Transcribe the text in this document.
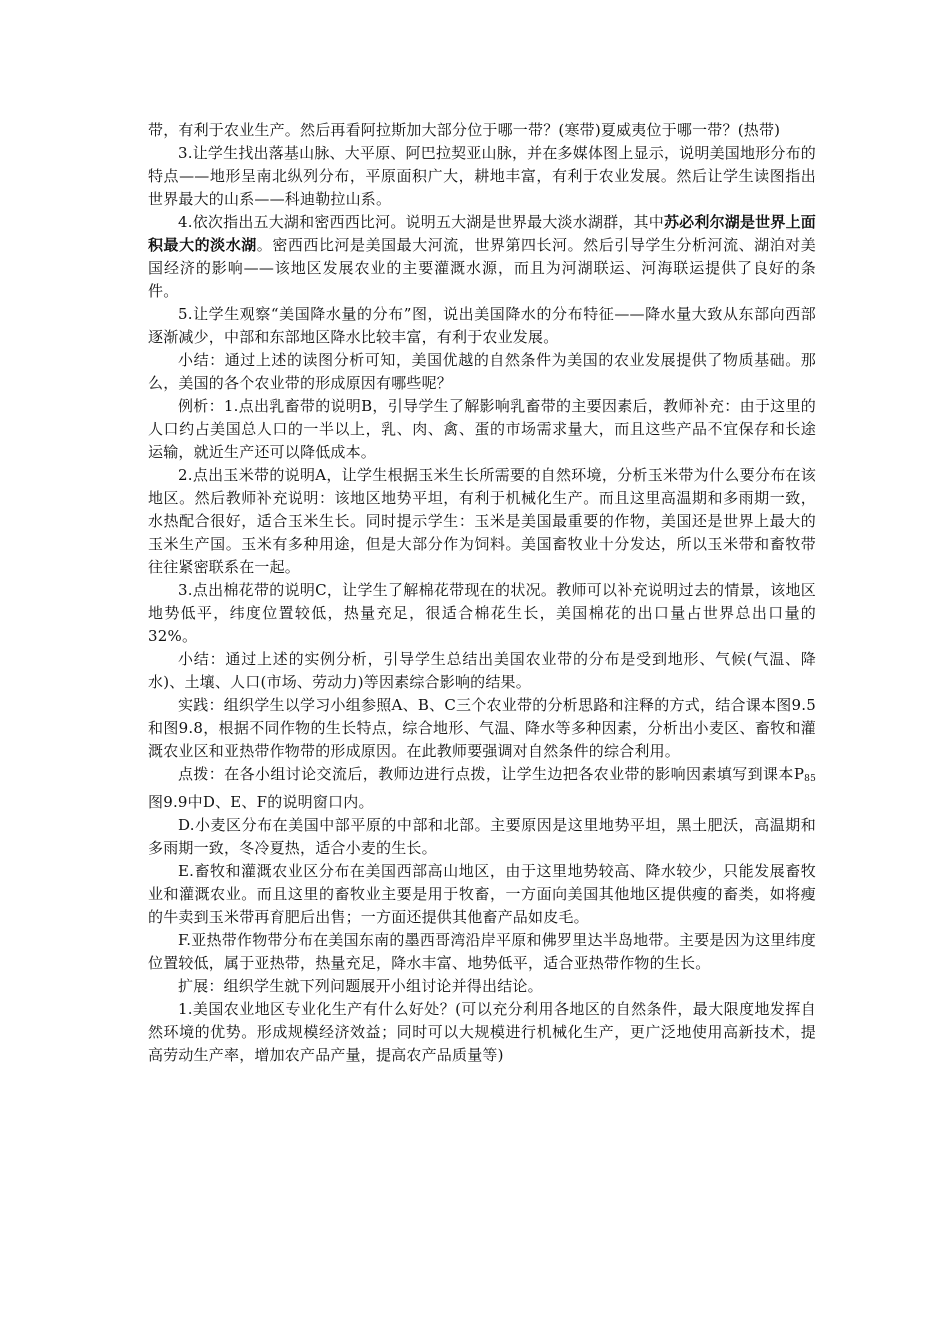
带，有利于农业生产。然后再看阿拉斯加大部分位于哪一带？(寒带)夏威夷位于哪一带？(热带)

3.让学生找出落基山脉、大平原、阿巴拉契亚山脉，并在多媒体图上显示，说明美国地形分布的特点——地形呈南北纵列分布，平原面积广大，耕地丰富，有利于农业发展。然后让学生读图指出世界最大的山系——科迪勒拉山系。

4.依次指出五大湖和密西西比河。说明五大湖是世界最大淡水湖群，其中苏必利尔湖是世界上面积最大的淡水湖。密西西比河是美国最大河流，世界第四长河。然后引导学生分析河流、湖泊对美国经济的影响——该地区发展农业的主要灌溉水源，而且为河湖联运、河海联运提供了良好的条件。

5.让学生观察“美国降水量的分布”图，说出美国降水的分布特征——降水量大致从东部向西部逐渐减少，中部和东部地区降水比较丰富，有利于农业发展。

小结：通过上述的读图分析可知，美国优越的自然条件为美国的农业发展提供了物质基础。那么，美国的各个农业带的形成原因有哪些呢？

例析：1.点出乳畜带的说明B，引导学生了解影响乳畜带的主要因素后，教师补充：由于这里的人口约占美国总人口的一半以上，乳、肉、禽、蛋的市场需求量大，而且这些产品不宜保存和长途运输，就近生产还可以降低成本。

2.点出玉米带的说明A，让学生根据玉米生长所需要的自然环境，分析玉米带为什么要分布在该地区。然后教师补充说明：该地区地势平坦，有利于机械化生产。而且这里高温期和多雨期一致，水热配合很好，适合玉米生长。同时提示学生：玉米是美国最重要的作物，美国还是世界上最大的玉米生产国。玉米有多种用途，但是大部分作为饲料。美国畜牧业十分发达，所以玉米带和畜牧带往往紧密联系在一起。

3.点出棉花带的说明C，让学生了解棉花带现在的状况。教师可以补充说明过去的情景，该地区地势低平，纬度位置较低，热量充足，很适合棉花生长，美国棉花的出口量占世界总出口量的32%。

小结：通过上述的实例分析，引导学生总结出美国农业带的分布是受到地形、气候(气温、降水)、土壤、人口(市场、劳动力)等因素综合影响的结果。

实践：组织学生以学习小组参照A、B、C三个农业带的分析思路和注释的方式，结合课本图9.5和图9.8，根据不同作物的生长特点，综合地形、气温、降水等多种因素，分析出小麦区、畜牧和灌溉农业区和亚热带作物带的形成原因。在此教师要强调对自然条件的综合利用。

点拨：在各小组讨论交流后，教师边进行点拨，让学生边把各农业带的影响因素填写到课本$P_{85}$图9.9中D、E、F的说明窗口内。

D.小麦区分布在美国中部平原的中部和北部。主要原因是这里地势平坦，黑土肥沃，高温期和多雨期一致，冬冷夏热，适合小麦的生长。

E.畜牧和灌溉农业区分布在美国西部高山地区，由于这里地势较高、降水较少，只能发展畜牧业和灌溉农业。而且这里的畜牧业主要是用于牧畜，一方面向美国其他地区提供瘦的畜类，如将瘦的牛卖到玉米带再育肥后出售；一方面还提供其他畜产品如皮毛。

F.亚热带作物带分布在美国东南的墨西哥湾沿岸平原和佛罗里达半岛地带。主要是因为这里纬度位置较低，属于亚热带，热量充足，降水丰富、地势低平，适合亚热带作物的生长。

扩展：组织学生就下列问题展开小组讨论并得出结论。

1.美国农业地区专业化生产有什么好处？(可以充分利用各地区的自然条件，最大限度地发挥自然环境的优势。形成规模经济效益；同时可以大规模进行机械化生产，更广泛地使用高新技术，提高劳动生产率，增加农产品产量，提高农产品质量等)
